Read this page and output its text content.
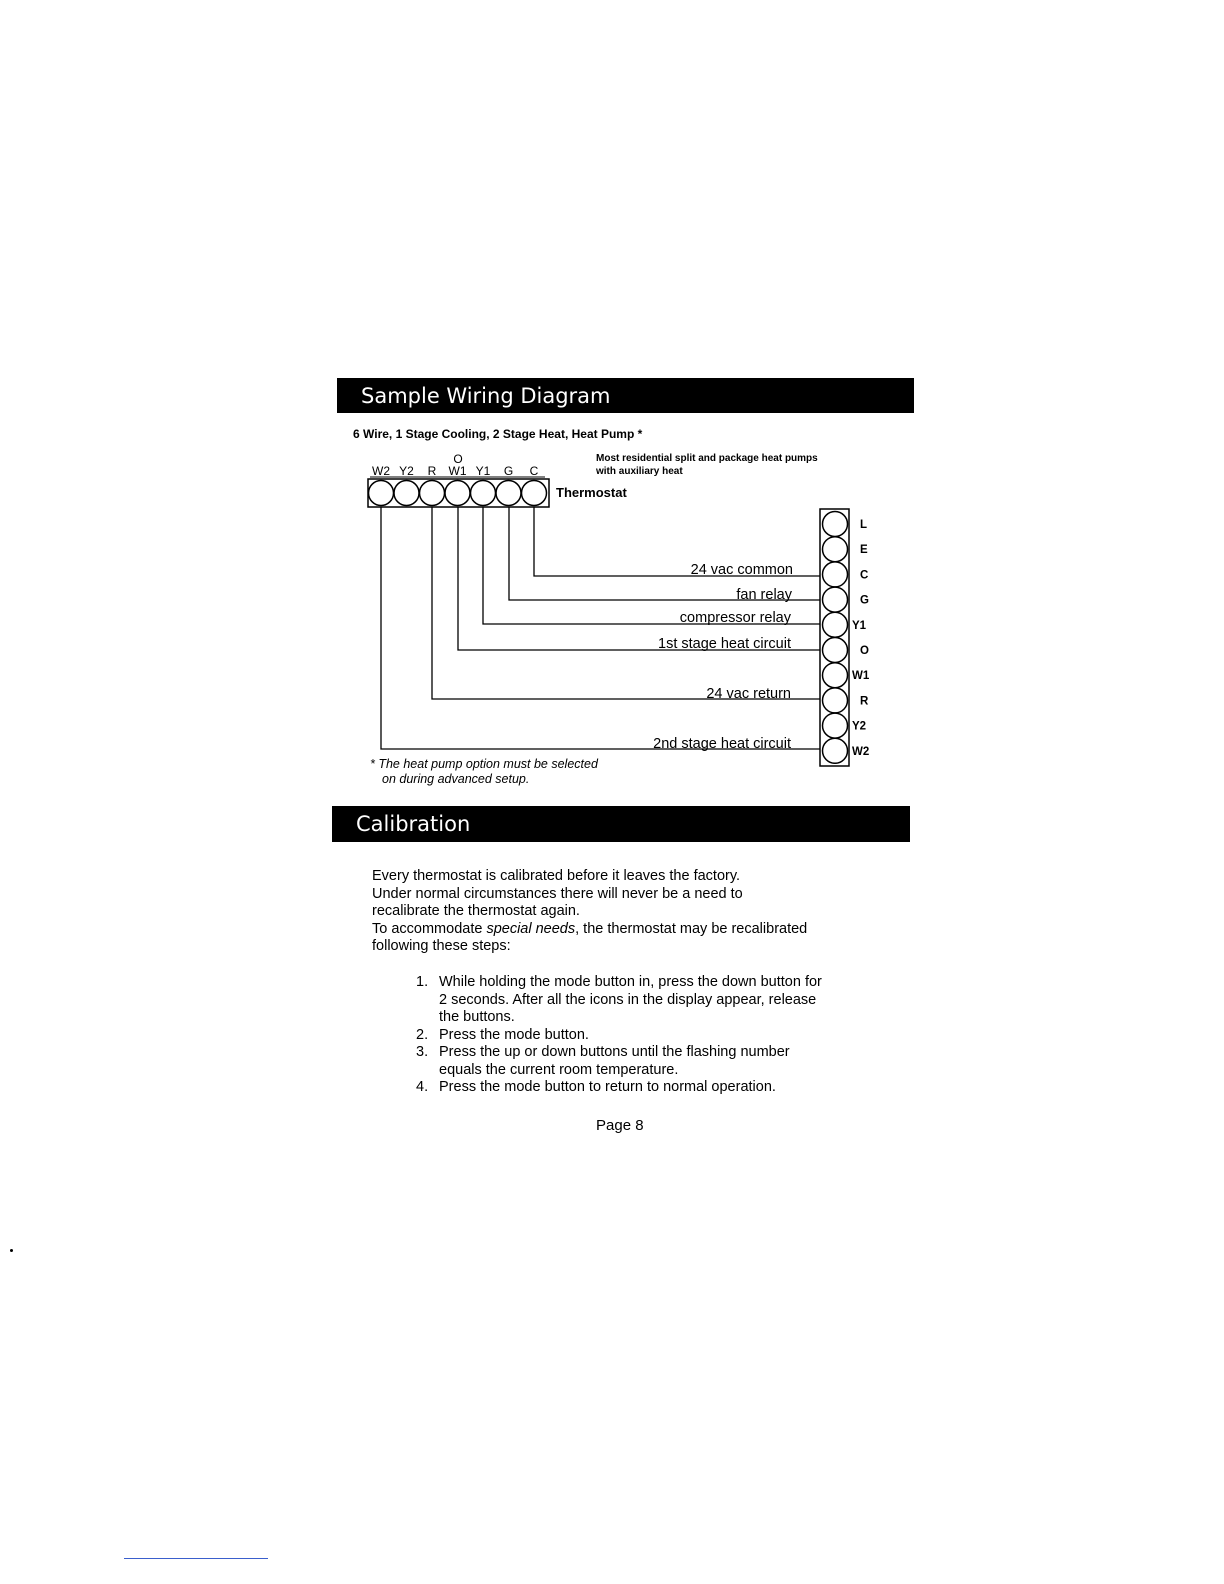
Sample Wiring Diagram
6 Wire, 1 Stage Cooling, 2 Stage Heat, Heat Pump *
Most residential split and package heat pumps
with auxiliary heat
W2 Y2 R W1 Y1 G C
O
Thermostat
L
E
C
G
Y1
O
W1
R
Y2
W2
24 vac common
fan relay
compressor relay
1st stage heat circuit
24 vac return
2nd stage heat circuit
* The heat pump option must be selected
on during advanced setup.
Calibration
Every thermostat is calibrated before it leaves the factory.
Under normal circumstances there will never be a need to
recalibrate the thermostat again.
To accommodate special needs, the thermostat may be recalibrated
following these steps:
1. While holding the mode button in, press the down button for
2 seconds. After all the icons in the display appear, release
the buttons.
2. Press the mode button.
3. Press the up or down buttons until the flashing number
equals the current room temperature.
4. Press the mode button to return to normal operation.
Page 8
